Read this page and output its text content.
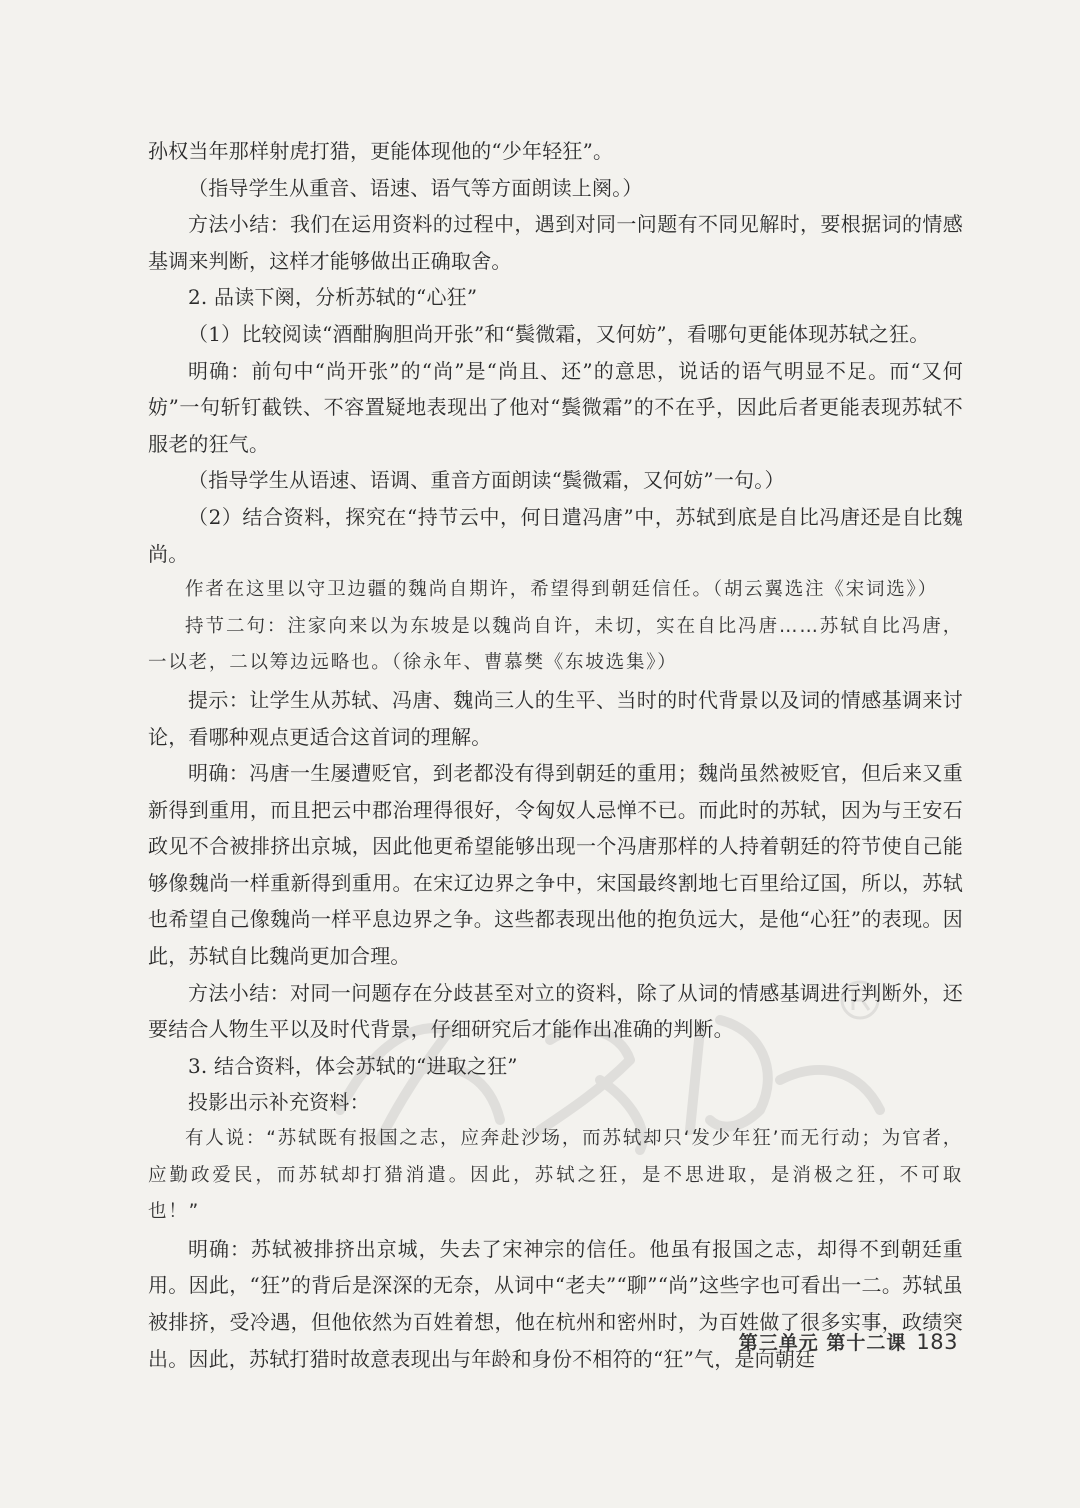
孙权当年那样射虎打猎，更能体现他的“少年轻狂”。

（指导学生从重音、语速、语气等方面朗读上阕。）

方法小结：我们在运用资料的过程中，遇到对同一问题有不同见解时，要根据词的情感基调来判断，这样才能够做出正确取舍。

2. 品读下阕，分析苏轼的“心狂”

（1）比较阅读“酒酣胸胆尚开张”和“鬓微霜，又何妨”，看哪句更能体现苏轼之狂。

明确：前句中“尚开张”的“尚”是“尚且、还”的意思，说话的语气明显不足。而“又何妨”一句斩钉截铁、不容置疑地表现出了他对“鬓微霜”的不在乎，因此后者更能表现苏轼不服老的狂气。

（指导学生从语速、语调、重音方面朗读“鬓微霜，又何妨”一句。）

（2）结合资料，探究在“持节云中，何日遣冯唐”中，苏轼到底是自比冯唐还是自比魏尚。

作者在这里以守卫边疆的魏尚自期许，希望得到朝廷信任。（胡云翼选注《宋词选》）

持节二句：注家向来以为东坡是以魏尚自许，未切，实在自比冯唐……苏轼自比冯唐，一以老，二以筹边远略也。（徐永年、曹慕樊《东坡选集》）

提示：让学生从苏轼、冯唐、魏尚三人的生平、当时的时代背景以及词的情感基调来讨论，看哪种观点更适合这首词的理解。

明确：冯唐一生屡遭贬官，到老都没有得到朝廷的重用；魏尚虽然被贬官，但后来又重新得到重用，而且把云中郡治理得很好，令匈奴人忌惮不已。而此时的苏轼，因为与王安石政见不合被排挤出京城，因此他更希望能够出现一个冯唐那样的人持着朝廷的符节使自己能够像魏尚一样重新得到重用。在宋辽边界之争中，宋国最终割地七百里给辽国，所以，苏轼也希望自己像魏尚一样平息边界之争。这些都表现出他的抱负远大，是他“心狂”的表现。因此，苏轼自比魏尚更加合理。

方法小结：对同一问题存在分歧甚至对立的资料，除了从词的情感基调进行判断外，还要结合人物生平以及时代背景，仔细研究后才能作出准确的判断。

3. 结合资料，体会苏轼的“进取之狂”

投影出示补充资料：

有人说：“苏轼既有报国之志，应奔赴沙场，而苏轼却只‘发少年狂’而无行动；为官者，应勤政爱民，而苏轼却打猎消遣。因此，苏轼之狂，是不思进取，是消极之狂，不可取也！”

明确：苏轼被排挤出京城，失去了宋神宗的信任。他虽有报国之志，却得不到朝廷重用。因此，“狂”的背后是深深的无奈，从词中“老夫”“聊”“尚”这些字也可看出一二。苏轼虽被排挤，受冷遇，但他依然为百姓着想，他在杭州和密州时，为百姓做了很多实事，政绩突出。因此，苏轼打猎时故意表现出与年龄和身份不相符的“狂”气，是向朝廷

第三单元 第十二课 183
